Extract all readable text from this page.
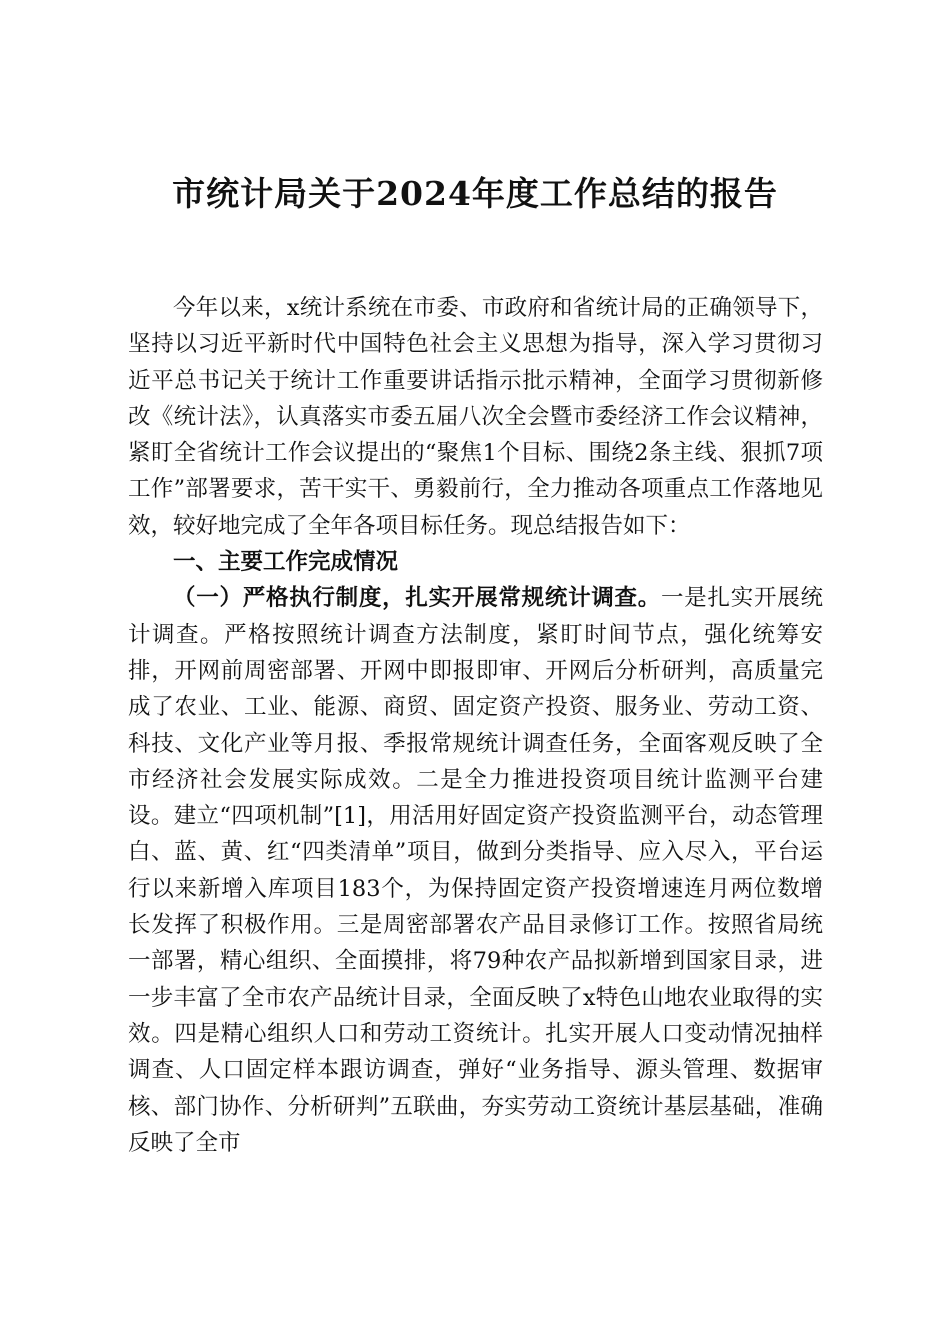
市统计局关于2024年度工作总结的报告

今年以来，x统计系统在市委、市政府和省统计局的正确领导下，坚持以习近平新时代中国特色社会主义思想为指导，深入学习贯彻习近平总书记关于统计工作重要讲话指示批示精神，全面学习贯彻新修改《统计法》，认真落实市委五届八次全会暨市委经济工作会议精神，紧盯全省统计工作会议提出的“聚焦1个目标、围绕2条主线、狠抓7项工作”部署要求，苦干实干、勇毅前行，全力推动各项重点工作落地见效，较好地完成了全年各项目标任务。现总结报告如下：

一、主要工作完成情况

（一）严格执行制度，扎实开展常规统计调查。一是扎实开展统计调查。严格按照统计调查方法制度，紧盯时间节点，强化统筹安排，开网前周密部署、开网中即报即审、开网后分析研判，高质量完成了农业、工业、能源、商贸、固定资产投资、服务业、劳动工资、科技、文化产业等月报、季报常规统计调查任务，全面客观反映了全市经济社会发展实际成效。二是全力推进投资项目统计监测平台建设。建立“四项机制”[1]，用活用好固定资产投资监测平台，动态管理白、蓝、黄、红“四类清单”项目，做到分类指导、应入尽入，平台运行以来新增入库项目183个，为保持固定资产投资增速连月两位数增长发挥了积极作用。三是周密部署农产品目录修订工作。按照省局统一部署，精心组织、全面摸排，将79种农产品拟新增到国家目录，进一步丰富了全市农产品统计目录，全面反映了x特色山地农业取得的实效。四是精心组织人口和劳动工资统计。扎实开展人口变动情况抽样调查、人口固定样本跟访调查，弹好“业务指导、源头管理、数据审核、部门协作、分析研判”五联曲，夯实劳动工资统计基层基础，准确反映了全市
